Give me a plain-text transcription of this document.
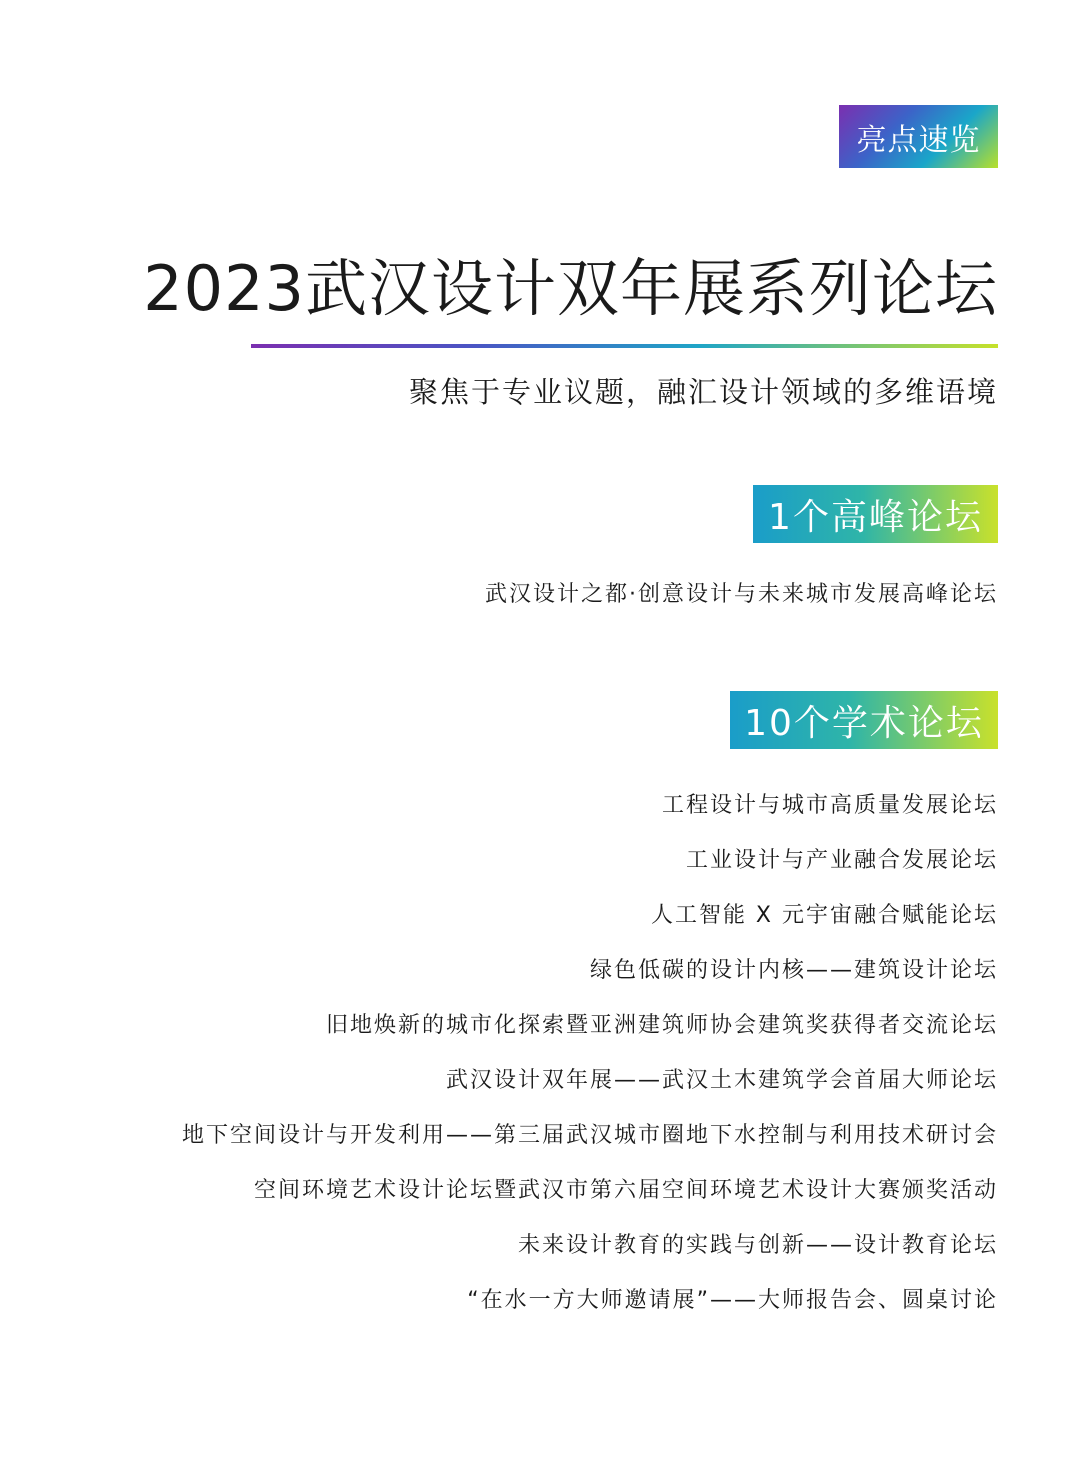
亮点速览
2023武汉设计双年展系列论坛

聚焦于专业议题，融汇设计领域的多维语境

1个高峰论坛

武汉设计之都·创意设计与未来城市发展高峰论坛

10个学术论坛

工程设计与城市高质量发展论坛

工业设计与产业融合发展论坛

人工智能 X 元宇宙融合赋能论坛

绿色低碳的设计内核——建筑设计论坛

旧地焕新的城市化探索暨亚洲建筑师协会建筑奖获得者交流论坛

武汉设计双年展——武汉土木建筑学会首届大师论坛

地下空间设计与开发利用——第三届武汉城市圈地下水控制与利用技术研讨会

空间环境艺术设计论坛暨武汉市第六届空间环境艺术设计大赛颁奖活动

未来设计教育的实践与创新——设计教育论坛

“在水一方大师邀请展”——大师报告会、圆桌讨论
